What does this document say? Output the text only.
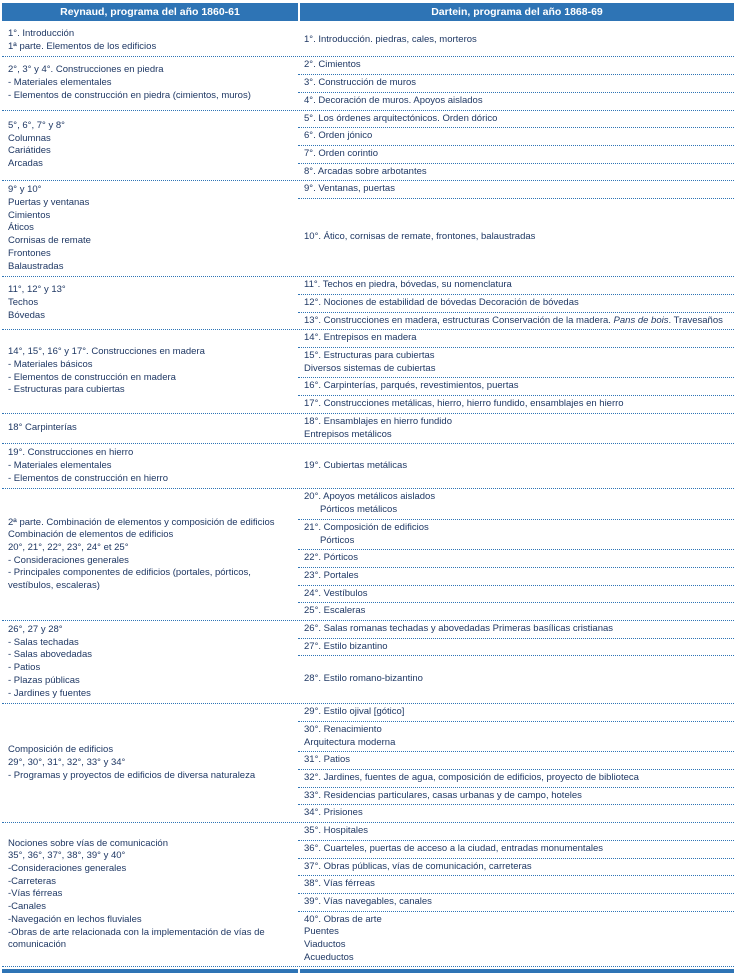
Reynaud, programa del año 1860-61	Dartein, programa del año 1868-69
1°. Introducción
1ª parte. Elementos de los edificios
1°. Introducción. piedras, cales, morteros
2°, 3° y 4°. Construcciones en piedra
- Materiales elementales
- Elementos de construcción en piedra (cimientos, muros)
2°. Cimientos
3°. Construcción de muros
4°. Decoración de muros. Apoyos aislados
5°, 6°, 7° y 8°
Columnas
Cariátides
Arcadas
5°. Los órdenes arquitectónicos. Orden dórico
6°. Orden jónico
7°. Orden corintio
8°. Arcadas sobre arbotantes
9° y 10°
Puertas y ventanas
Cimientos
Áticos
Cornisas de remate
Frontones
Balaustradas
9°. Ventanas, puertas
10°. Ático, cornisas de remate, frontones, balaustradas
11°, 12° y 13°
Techos
Bóvedas
11°. Techos en piedra, bóvedas, su nomenclatura
12°. Nociones de estabilidad de bóvedas Decoración de bóvedas
13°. Construcciones en madera, estructuras Conservación de la madera. Pans de bois. Travesaños
14°, 15°, 16° y 17°. Construcciones en madera
- Materiales básicos
- Elementos de construcción en madera
- Estructuras para cubiertas
14°. Entrepisos en madera
15°. Estructuras para cubiertas
Diversos sistemas de cubiertas
16°. Carpinterías, parqués, revestimientos, puertas
17°. Construcciones metálicas, hierro, hierro fundido, ensamblajes en hierro
18° Carpinterías
18°. Ensamblajes en hierro fundido
Entrepisos metálicos
19°. Construcciones en hierro
- Materiales elementales
- Elementos de construcción en hierro
19°. Cubiertas metálicas
2ª parte. Combinación de elementos y composición de edificios
Combinación de elementos de edificios
20°, 21°, 22°, 23°, 24° et 25°
- Consideraciones generales
- Principales componentes de edificios (portales, pórticos, vestíbulos, escaleras)
20°. Apoyos metálicos aislados
Pórticos metálicos
21°. Composición de edificios
Pórticos
22°. Pórticos
23°. Portales
24°. Vestíbulos
25°. Escaleras
26°, 27 y 28°
- Salas techadas
- Salas abovedadas
- Patios
- Plazas públicas
- Jardines y fuentes
26°. Salas romanas techadas y abovedadas Primeras basílicas cristianas
27°. Estilo bizantino
28°. Estilo romano-bizantino
Composición de edificios
29°, 30°, 31°, 32°, 33° y 34°
- Programas y proyectos de edificios de diversa naturaleza
29°. Estilo ojival [gótico]
30°. Renacimiento
Arquitectura moderna
31°. Patios
32°. Jardines, fuentes de agua, composición de edificios, proyecto de biblioteca
33°. Residencias particulares, casas urbanas y de campo, hoteles
34°. Prisiones
Nociones sobre vías de comunicación
35°, 36°, 37°, 38°, 39° y 40°
-Consideraciones generales
-Carreteras
-Vías férreas
-Canales
-Navegación en lechos fluviales
-Obras de arte relacionada con la implementación de vías de comunicación
35°. Hospitales
36°. Cuarteles, puertas de acceso a la ciudad, entradas monumentales
37°. Obras públicas, vías de comunicación, carreteras
38°. Vías férreas
39°. Vías navegables, canales
40°. Obras de arte
Puentes
Viaductos
Acueductos
